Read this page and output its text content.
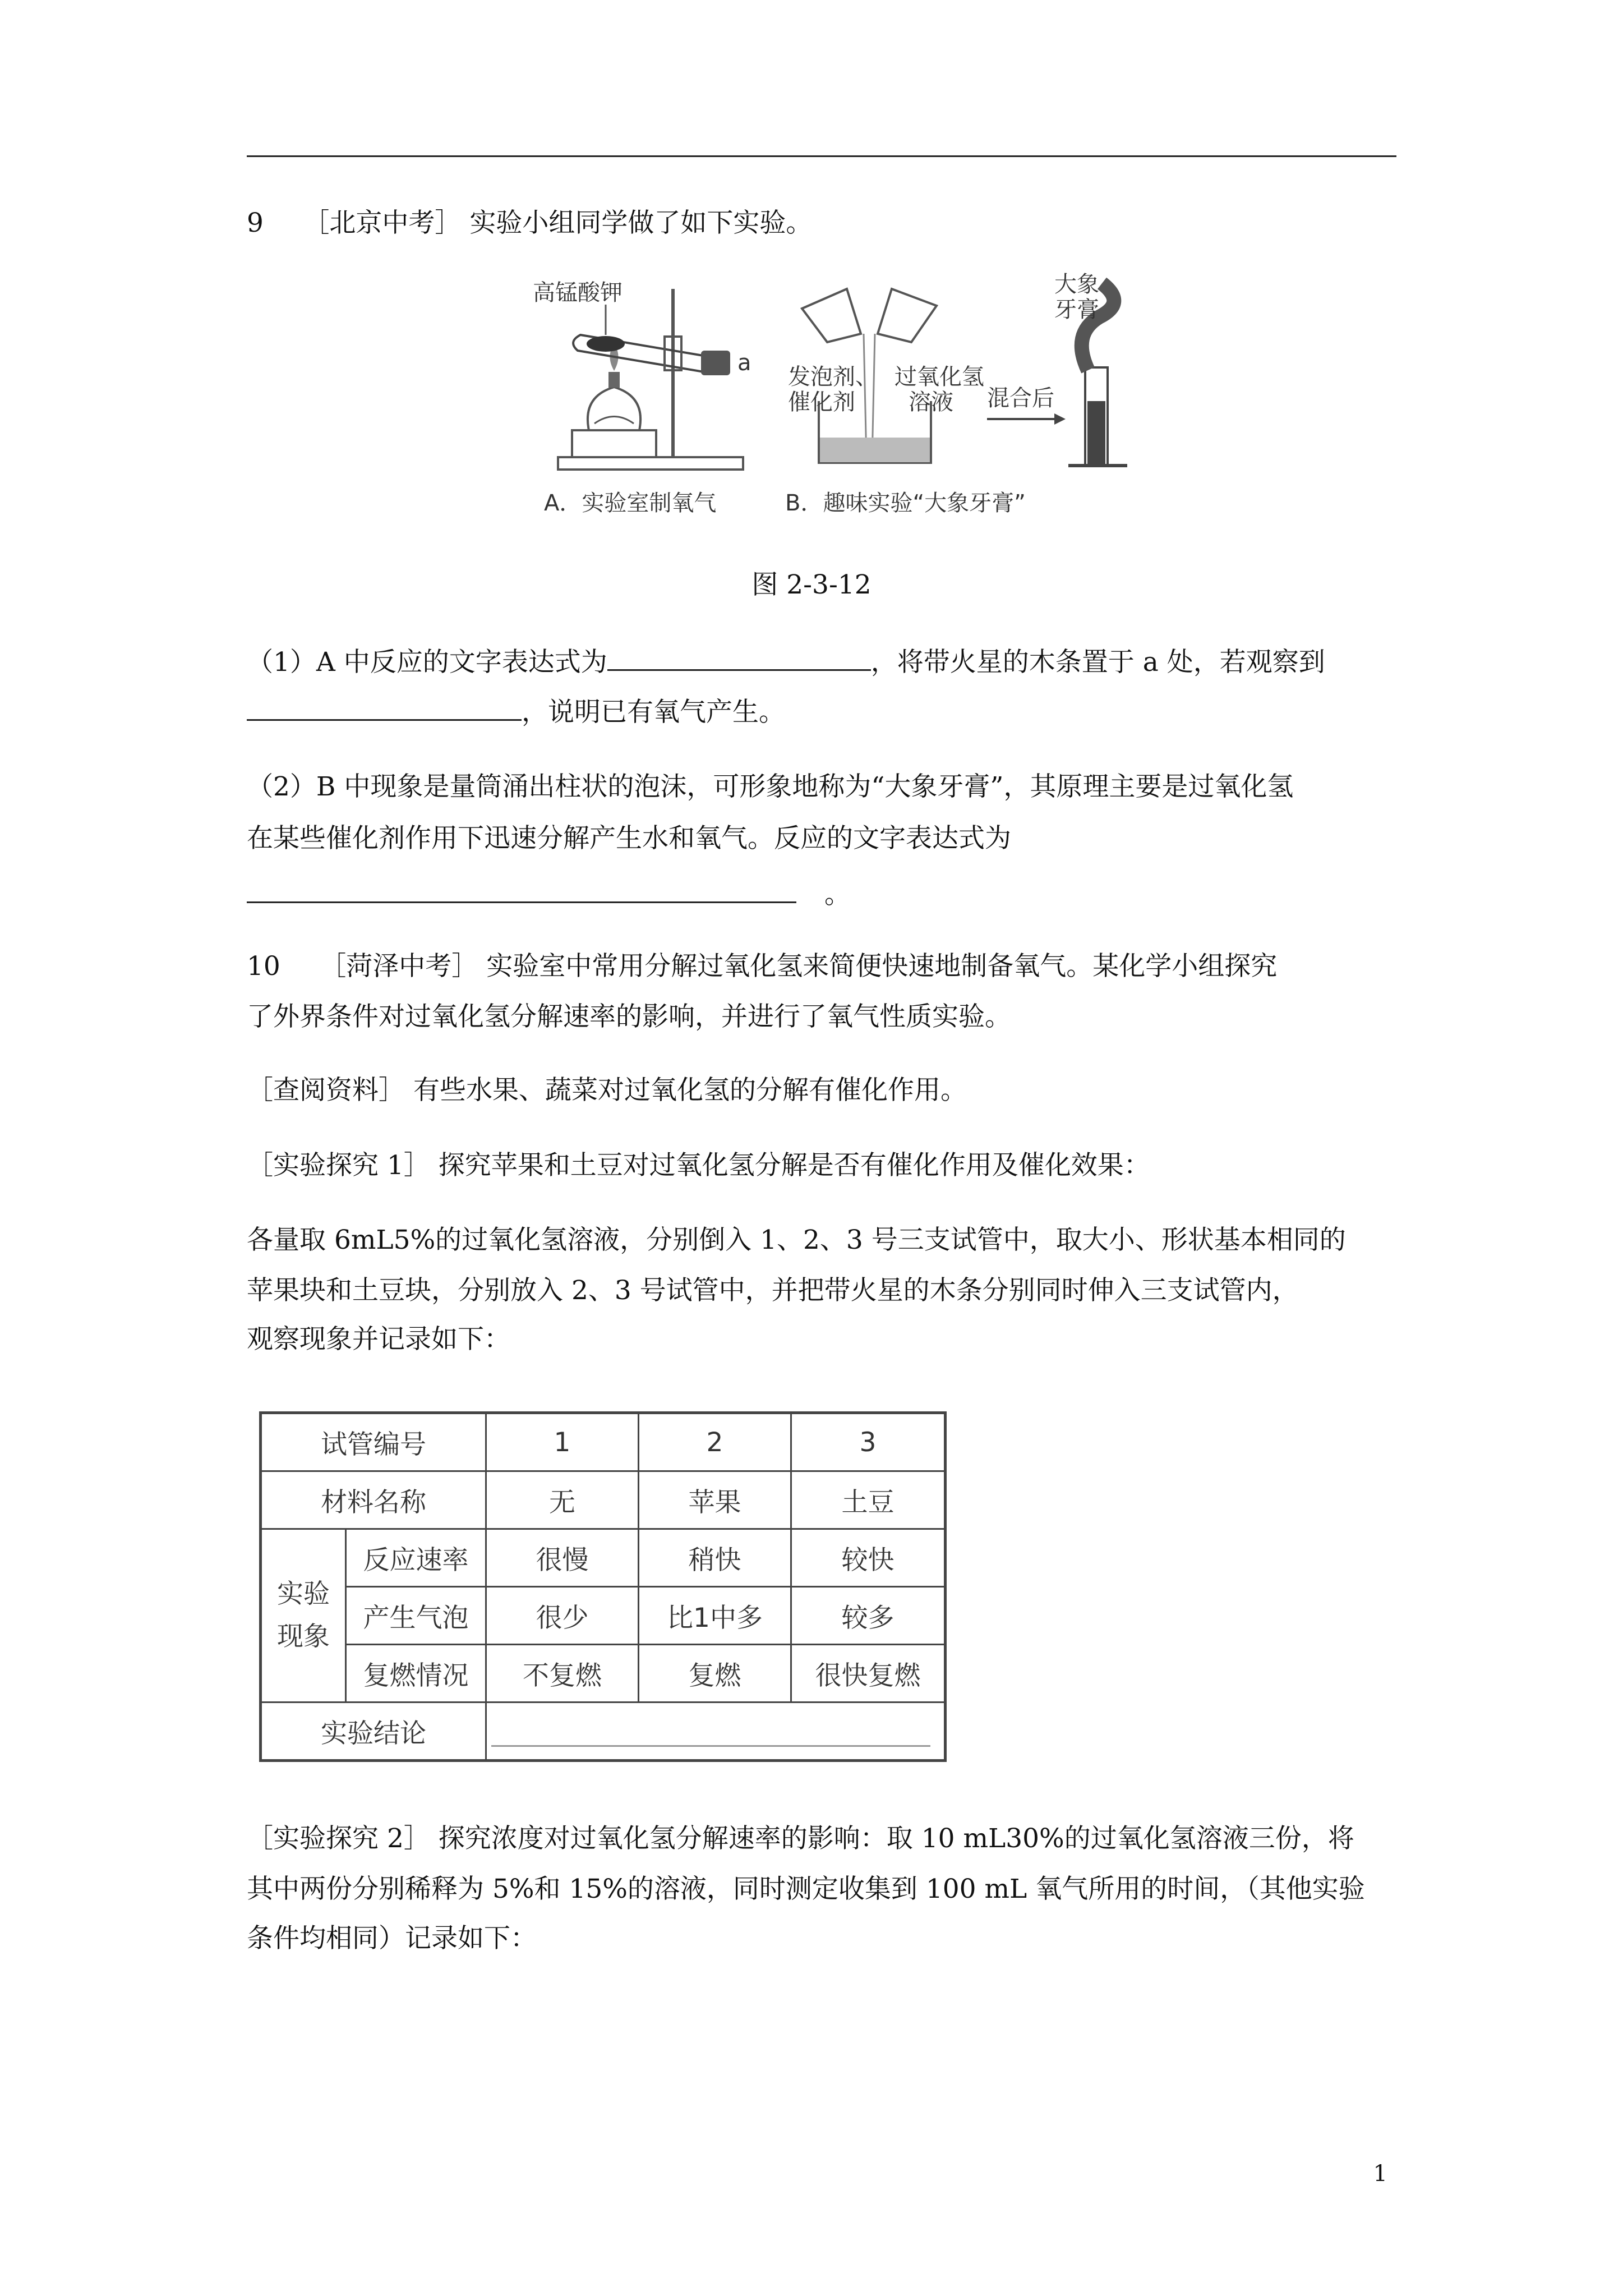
9　　［北京中考］ 实验小组同学做了如下实验。
a
高锰酸钾
发泡剂、
催化剂
过氧化氢
溶液 混合后
大象
牙膏
A．实验室制氧气	B．趣味实验“大象牙膏”
图 2-3-12
（1）A 中反应的文字表达式为	，将带火星的木条置于 a 处，若观察到
，说明已有氧气产生。
（2）B 中现象是量筒涌出柱状的泡沫，可形象地称为“大象牙膏”，其原理主要是过氧化氢
在某些催化剂作用下迅速分解产生水和氧气。反应的文字表达式为
。
10　　［菏泽中考］ 实验室中常用分解过氧化氢来简便快速地制备氧气。某化学小组探究
了外界条件对过氧化氢分解速率的影响，并进行了氧气性质实验。
［查阅资料］ 有些水果、蔬菜对过氧化氢的分解有催化作用。
［实验探究 1］ 探究苹果和土豆对过氧化氢分解是否有催化作用及催化效果：
各量取 6mL5%的过氧化氢溶液，分别倒入 1、2、3 号三支试管中，取大小、形状基本相同的
苹果块和土豆块，分别放入 2、3 号试管中，并把带火星的木条分别同时伸入三支试管内，
观察现象并记录如下：
试管编号		1	2	3
材料名称		无	苹果	土豆
实验
现象	反应速率	很慢	稍快	较快
	产生气泡	很少	比1中多	较多
	复燃情况	不复燃	复燃	很快复燃
实验结论				
［实验探究 2］ 探究浓度对过氧化氢分解速率的影响：取 10 mL30%的过氧化氢溶液三份，将
其中两份分别稀释为 5%和 15%的溶液，同时测定收集到 100 mL 氧气所用的时间，（其他实验
条件均相同）记录如下：
1
